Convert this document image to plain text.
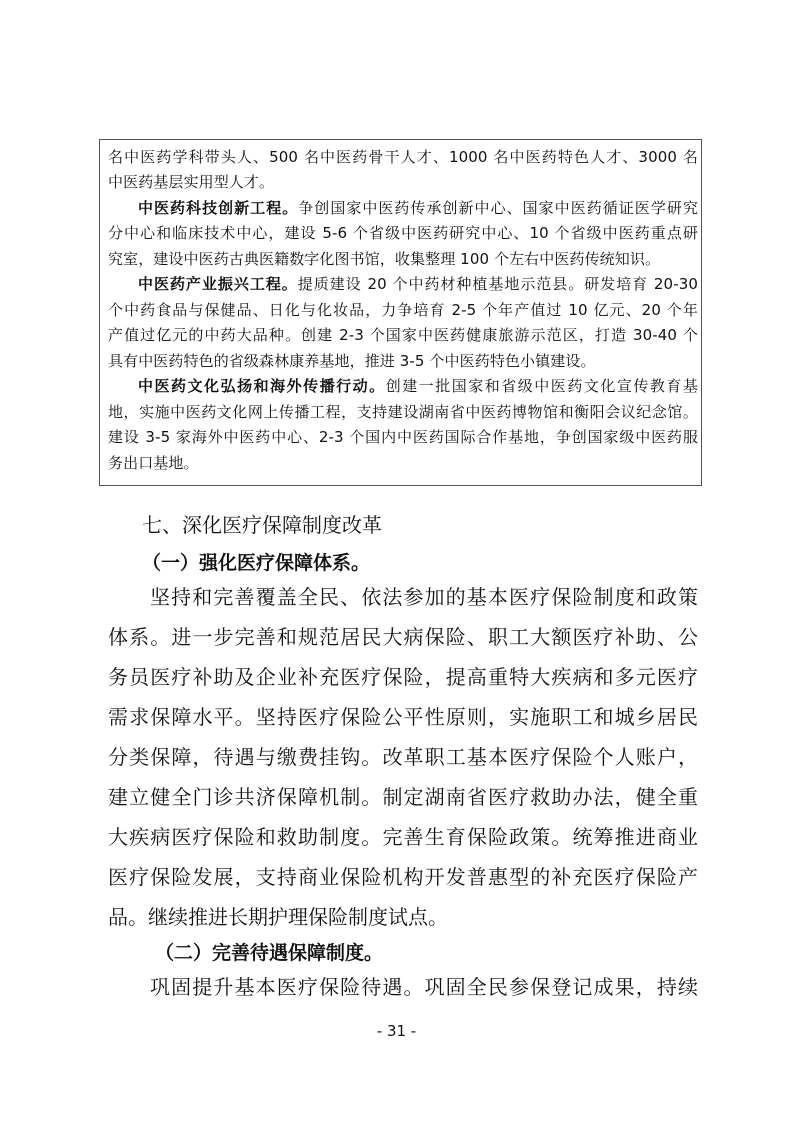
名中医药学科带头人、500 名中医药骨干人才、1000 名中医药特色人才、3000 名
中医药基层实用型人才。
中医药科技创新工程。争创国家中医药传承创新中心、国家中医药循证医学研究
分中心和临床技术中心，建设 5-6 个省级中医药研究中心、10 个省级中医药重点研
究室，建设中医药古典医籍数字化图书馆，收集整理 100 个左右中医药传统知识。
中医药产业振兴工程。提质建设 20 个中药材种植基地示范县。研发培育 20-30
个中药食品与保健品、日化与化妆品，力争培育 2-5 个年产值过 10 亿元、20 个年
产值过亿元的中药大品种。创建 2-3 个国家中医药健康旅游示范区，打造 30-40 个
具有中医药特色的省级森林康养基地，推进 3-5 个中医药特色小镇建设。
中医药文化弘扬和海外传播行动。创建一批国家和省级中医药文化宣传教育基
地，实施中医药文化网上传播工程，支持建设湖南省中医药博物馆和衡阳会议纪念馆。
建设 3-5 家海外中医药中心、2-3 个国内中医药国际合作基地，争创国家级中医药服
务出口基地。
七、深化医疗保障制度改革
（一）强化医疗保障体系。
坚持和完善覆盖全民、依法参加的基本医疗保险制度和政策
体系。进一步完善和规范居民大病保险、职工大额医疗补助、公
务员医疗补助及企业补充医疗保险，提高重特大疾病和多元医疗
需求保障水平。坚持医疗保险公平性原则，实施职工和城乡居民
分类保障，待遇与缴费挂钩。改革职工基本医疗保险个人账户，
建立健全门诊共济保障机制。制定湖南省医疗救助办法，健全重
大疾病医疗保险和救助制度。完善生育保险政策。统筹推进商业
医疗保险发展，支持商业保险机构开发普惠型的补充医疗保险产
品。继续推进长期护理保险制度试点。
（二）完善待遇保障制度。
巩固提升基本医疗保险待遇。巩固全民参保登记成果，持续
- 31 -
